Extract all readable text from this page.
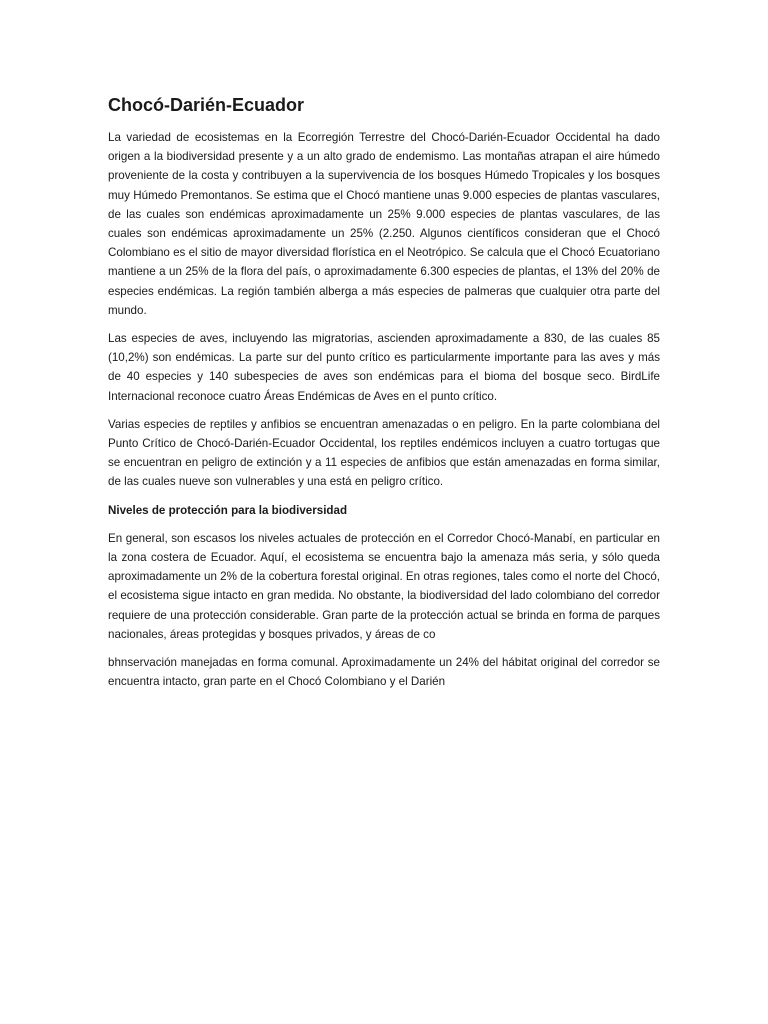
Chocó-Darién-Ecuador

La variedad de ecosistemas en la Ecorregión Terrestre del Chocó-Darién-Ecuador Occidental ha dado origen a la biodiversidad presente y a un alto grado de endemismo. Las montañas atrapan el aire húmedo proveniente de la costa y contribuyen a la supervivencia de los bosques Húmedo Tropicales y los bosques muy Húmedo Premontanos. Se estima que el Chocó mantiene unas 9.000 especies de plantas vasculares, de las cuales son endémicas aproximadamente un 25% 9.000 especies de plantas vasculares, de las cuales son endémicas aproximadamente un 25% (2.250. Algunos científicos consideran que el Chocó Colombiano es el sitio de mayor diversidad florística en el Neotrópico. Se calcula que el Chocó Ecuatoriano mantiene a un 25% de la flora del país, o aproximadamente 6.300 especies de plantas, el 13% del 20% de especies endémicas. La región también alberga a más especies de palmeras que cualquier otra parte del mundo.

Las especies de aves, incluyendo las migratorias, ascienden aproximadamente a 830, de las cuales 85 (10,2%) son endémicas. La parte sur del punto crítico es particularmente importante para las aves y más de 40 especies y 140 subespecies de aves son endémicas para el bioma del bosque seco. BirdLife Internacional reconoce cuatro Áreas Endémicas de Aves en el punto crítico.

Varias especies de reptiles y anfibios se encuentran amenazadas o en peligro. En la parte colombiana del Punto Crítico de Chocó-Darién-Ecuador Occidental, los reptiles endémicos incluyen a cuatro tortugas que se encuentran en peligro de extinción y a 11 especies de anfibios que están amenazadas en forma similar, de las cuales nueve son vulnerables y una está en peligro crítico.

Niveles de protección para la biodiversidad

En general, son escasos los niveles actuales de protección en el Corredor Chocó-Manabí, en particular en la zona costera de Ecuador. Aquí, el ecosistema se encuentra bajo la amenaza más seria, y sólo queda aproximadamente un 2% de la cobertura forestal original. En otras regiones, tales como el norte del Chocó, el ecosistema sigue intacto en gran medida. No obstante, la biodiversidad del lado colombiano del corredor requiere de una protección considerable. Gran parte de la protección actual se brinda en forma de parques nacionales, áreas protegidas y bosques privados, y áreas de co

bhnservación manejadas en forma comunal. Aproximadamente un 24% del hábitat original del corredor se encuentra intacto, gran parte en el Chocó Colombiano y el Darién
